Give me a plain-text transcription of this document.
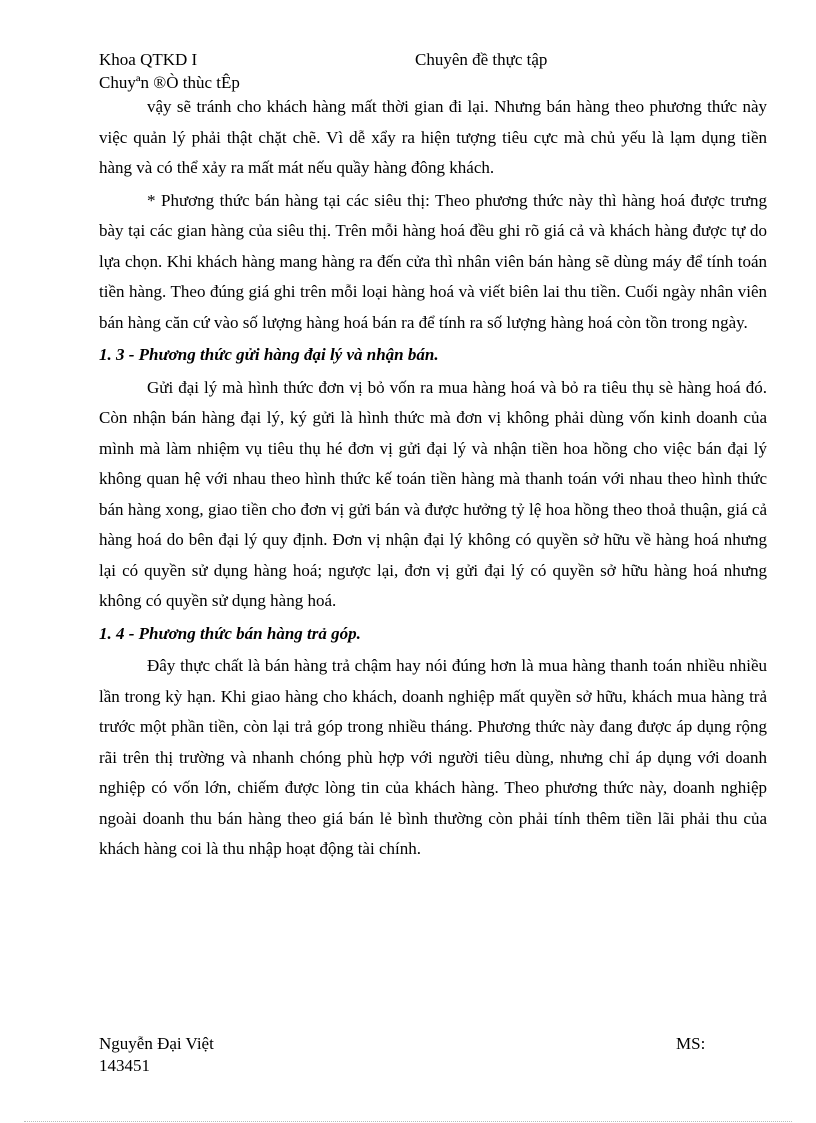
Khoa QTKD I	Chuyên đề thực tập
Chuyªn ®Ò thùc tÊp

vậy sẽ tránh cho khách hàng mất thời gian đi lại. Nhưng bán hàng theo phương thức này việc quản lý phải thật chặt chẽ. Vì dễ xẩy ra hiện tượng tiêu cực mà chủ yếu là lạm dụng tiền hàng và có thể xảy ra mất mát nếu quầy hàng đông khách.

* Phương thức bán hàng tại các siêu thị: Theo phương thức này thì hàng hoá được trưng bày tại các gian hàng của siêu thị. Trên mỗi hàng hoá đều ghi rõ giá cả và khách hàng được tự do lựa chọn. Khi khách hàng mang hàng ra đến cửa thì nhân viên bán hàng sẽ dùng máy để tính toán tiền hàng. Theo đúng giá ghi trên mỗi loại hàng hoá và viết biên lai thu tiền. Cuối ngày nhân viên bán hàng căn cứ vào số lượng hàng hoá bán ra để tính ra số lượng hàng hoá còn tồn trong ngày.

1. 3 - Phương thức gửi hàng đại lý và nhận bán.

Gửi đại lý mà hình thức đơn vị bỏ vốn ra mua hàng hoá và bỏ ra tiêu thụ sè hàng hoá đó. Còn nhận bán hàng đại lý, ký gửi là hình thức mà đơn vị không phải dùng vốn kinh doanh của mình mà làm nhiệm vụ tiêu thụ hé đơn vị gửi đại lý và nhận tiền hoa hồng cho việc bán đại lý không quan hệ với nhau theo hình thức kế toán tiền hàng mà thanh toán với nhau theo hình thức bán hàng xong, giao tiền cho đơn vị gửi bán và được hưởng tỷ lệ hoa hồng theo thoả thuận, giá cả hàng hoá do bên đại lý quy định. Đơn vị nhận đại lý không có quyền sở hữu về hàng hoá nhưng lại có quyền sử dụng hàng hoá; ngược lại, đơn vị gửi đại lý có quyền sở hữu hàng hoá nhưng không có quyền sử dụng hàng hoá.

1. 4 - Phương thức bán hàng trả góp.

Đây thực chất là bán hàng trả chậm hay nói đúng hơn là mua hàng thanh toán nhiều nhiều lần trong kỳ hạn. Khi giao hàng cho khách, doanh nghiệp mất quyền sở hữu, khách mua hàng trả trước một phần tiền, còn lại trả góp trong nhiều tháng. Phương thức này đang được áp dụng rộng rãi trên thị trường và nhanh chóng phù hợp với người tiêu dùng, nhưng chỉ áp dụng với doanh nghiệp có vốn lớn, chiếm được lòng tin của khách hàng. Theo phương thức này, doanh nghiệp ngoài doanh thu bán hàng theo giá bán lẻ bình thường còn phải tính thêm tiền lãi phải thu của khách hàng coi là thu nhập hoạt động tài chính.

Nguyễn Đại Việt	MS:
143451
